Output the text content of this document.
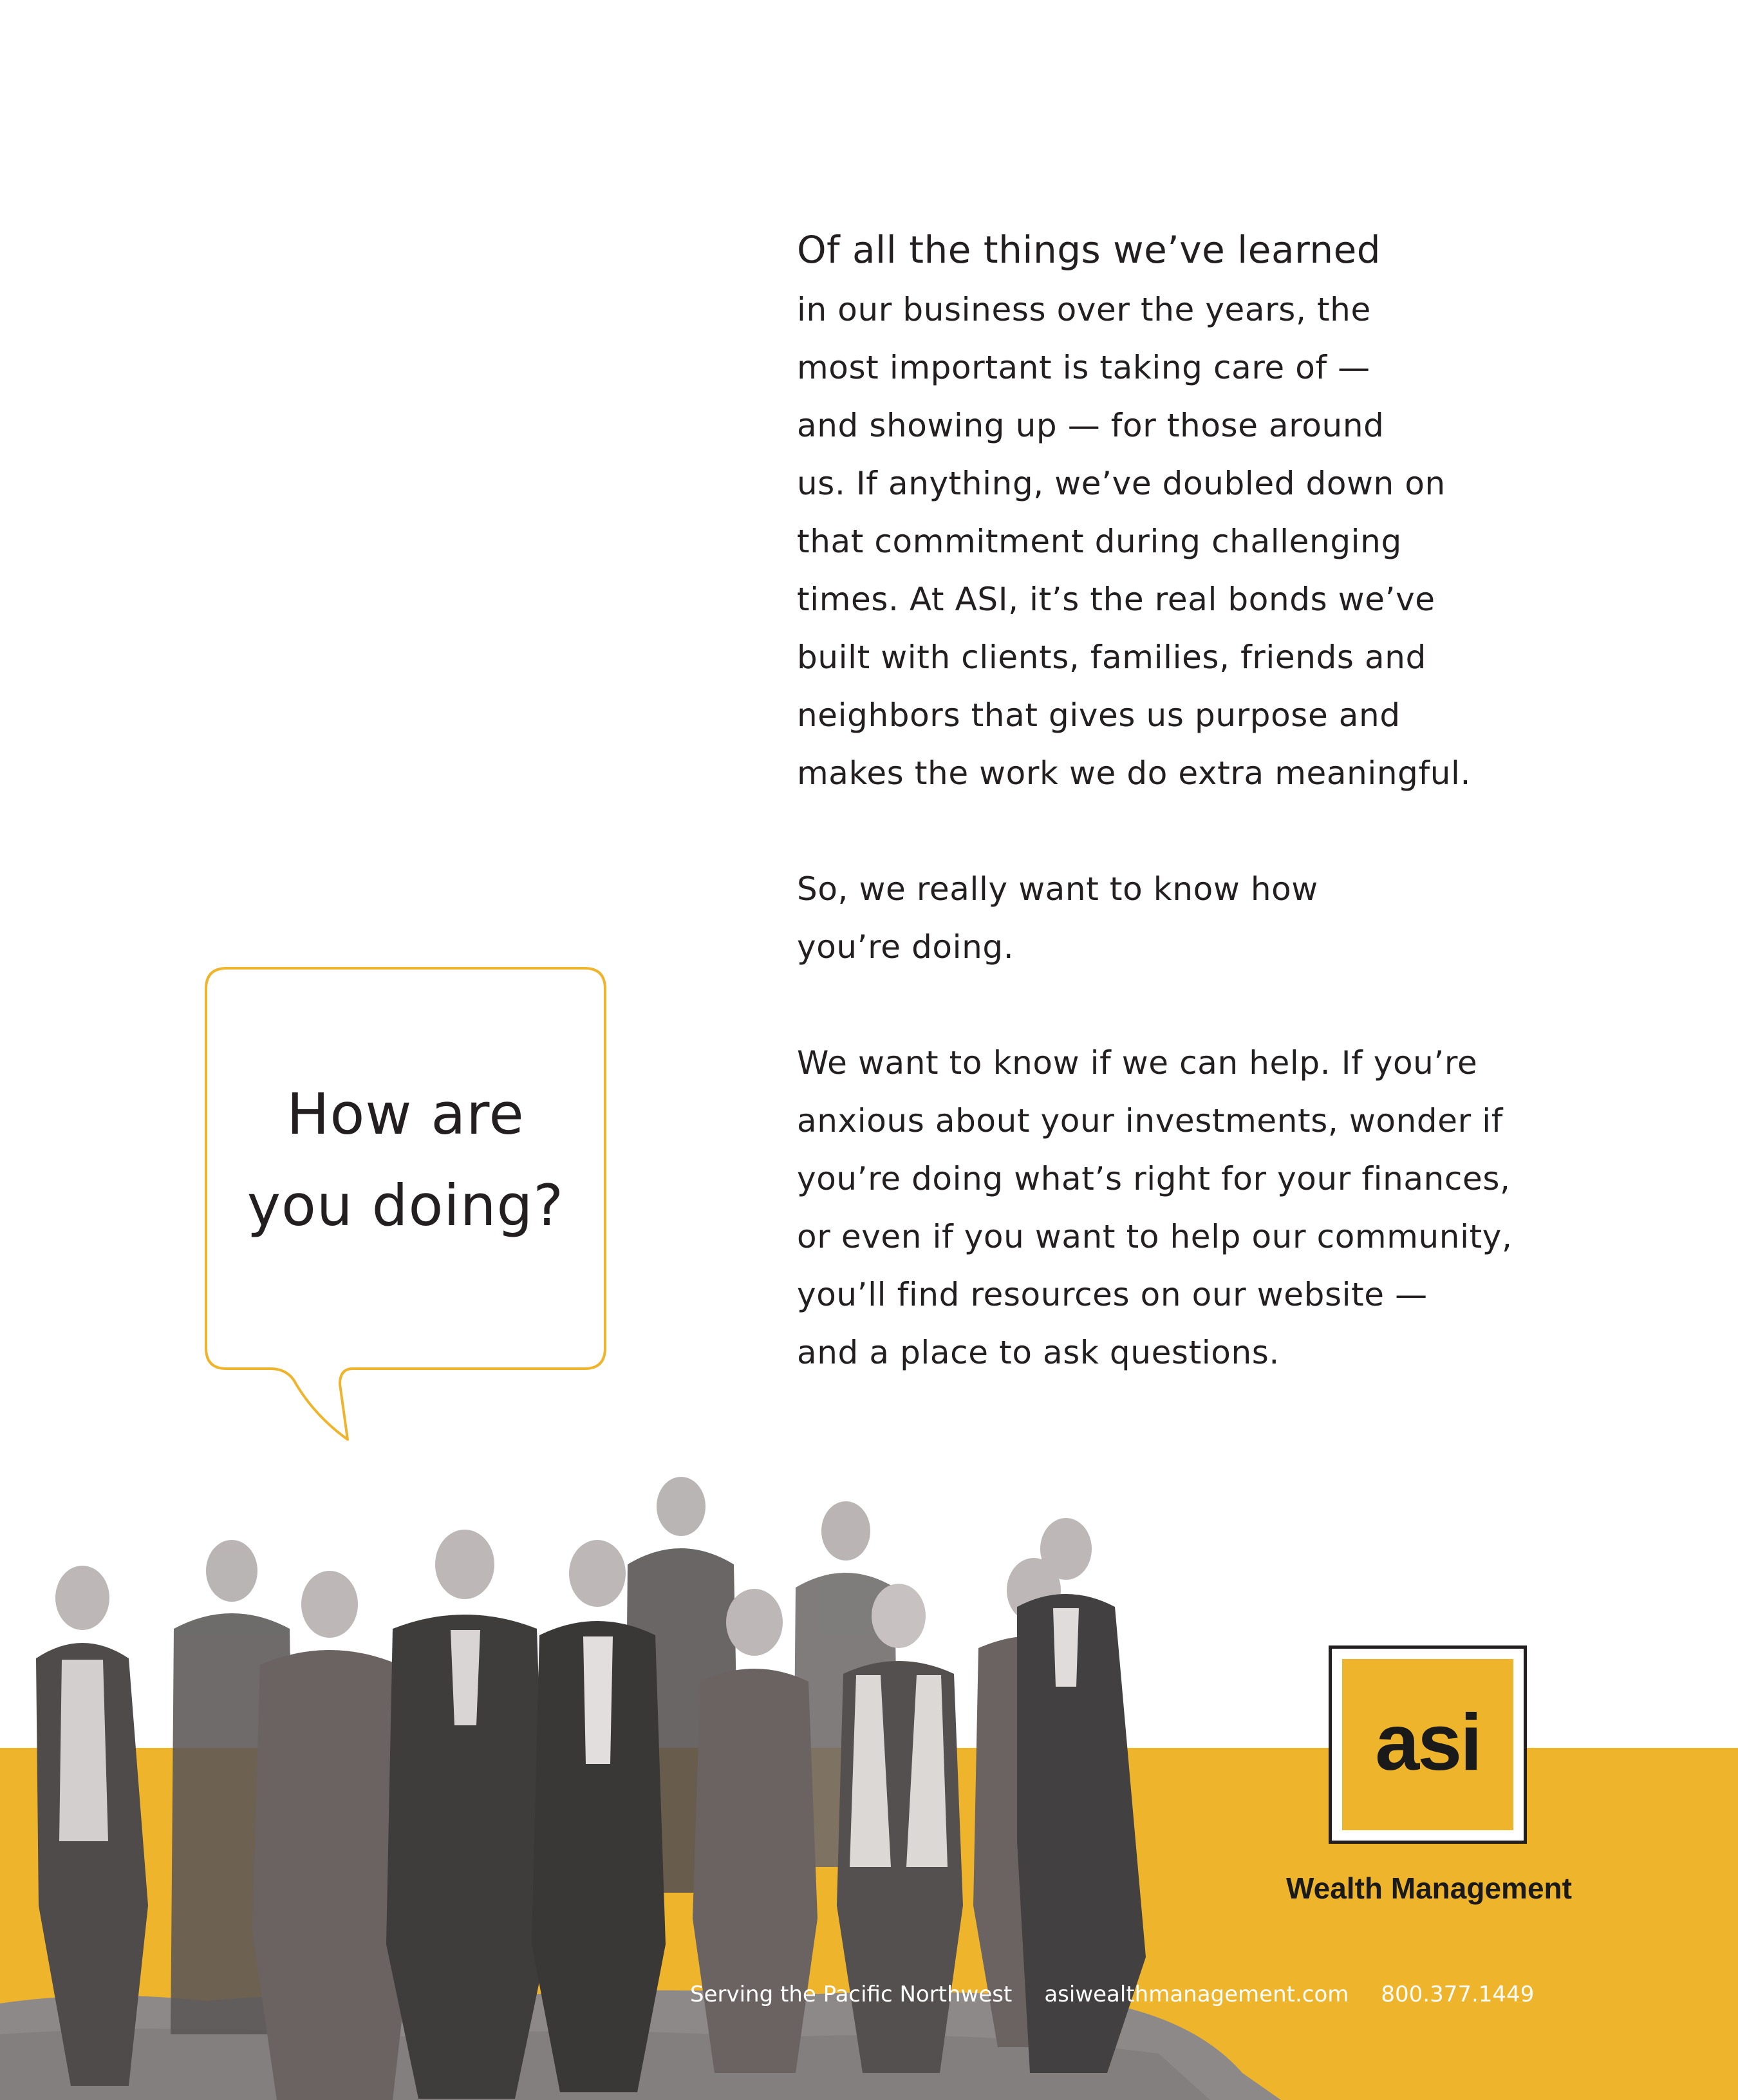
Of all the things we’ve learned

in our business over the years, the
most important is taking care of —
and showing up — for those around
us. If anything, we’ve doubled down on
that commitment during challenging
times. At ASI, it’s the real bonds we’ve
built with clients, families, friends and
neighbors that gives us purpose and
makes the work we do extra meaningful.

So, we really want to know how
you’re doing.

We want to know if we can help. If you’re
anxious about your investments, wonder if
you’re doing what’s right for your finances,
or even if you want to help our community,
you’ll find resources on our website —
and a place to ask questions.

How are
you doing?
asi
Wealth Management
Serving the Pacific Northwest asiwealthmanagement.com 800.377.1449
